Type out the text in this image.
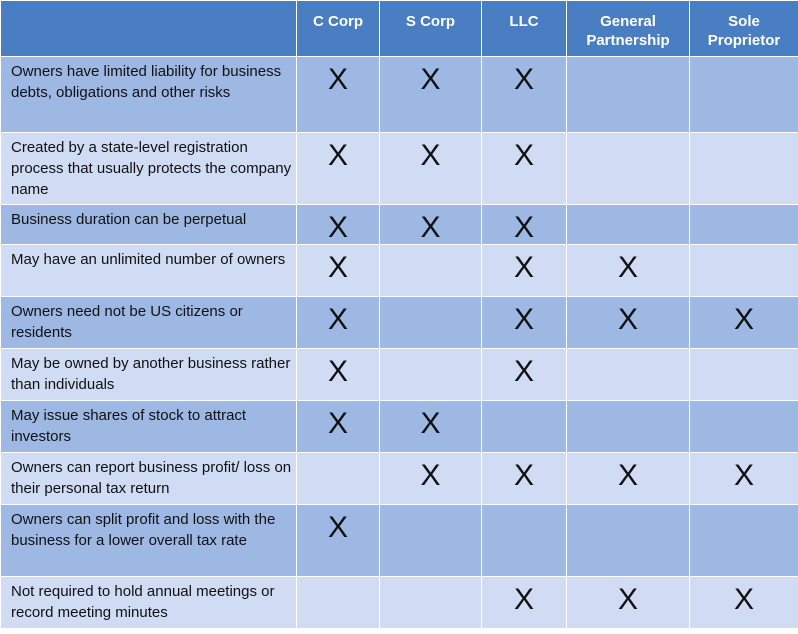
	C Corp	S Corp	LLC	General Partnership	Sole Proprietor
Owners have limited liability for business debts, obligations and other risks	X	X	X		
Created by a state-level registration process that usually protects the company name	X	X	X		
Business duration can be perpetual	X	X	X		
May have an unlimited number of owners	X		X	X	
Owners need not be US citizens or residents	X		X	X	X
May be owned by another business rather than individuals	X		X		
May issue shares of stock to attract investors	X	X			
Owners can report business profit/ loss on their personal tax return		X	X	X	X
Owners can split profit and loss with the business for a lower overall tax rate	X				
Not required to hold annual meetings or record meeting minutes			X	X	X
